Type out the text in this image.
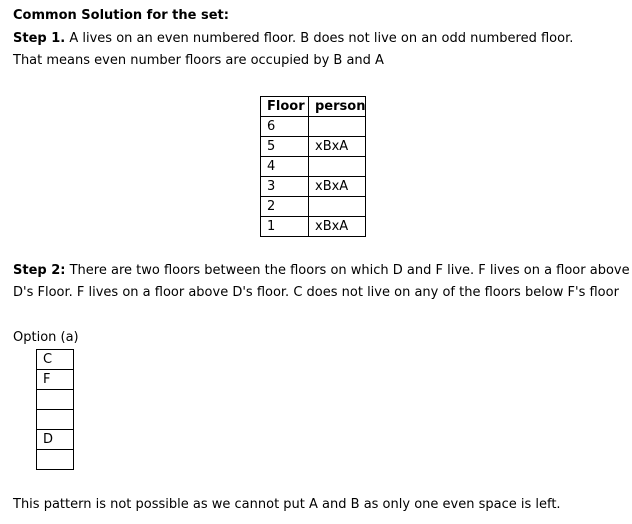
Common Solution for the set:
Step 1. A lives on an even numbered floor. B does not live on an odd numbered floor.
That means even number floors are occupied by B and A
Floor	person
6	
5	xBxA
4	
3	xBxA
2	
1	xBxA
Step 2: There are two floors between the floors on which D and F live. F lives on a floor above
D's Floor. F lives on a floor above D's floor. C does not live on any of the floors below F's floor
Option (a)
C
F

D

This pattern is not possible as we cannot put A and B as only one even space is left.
